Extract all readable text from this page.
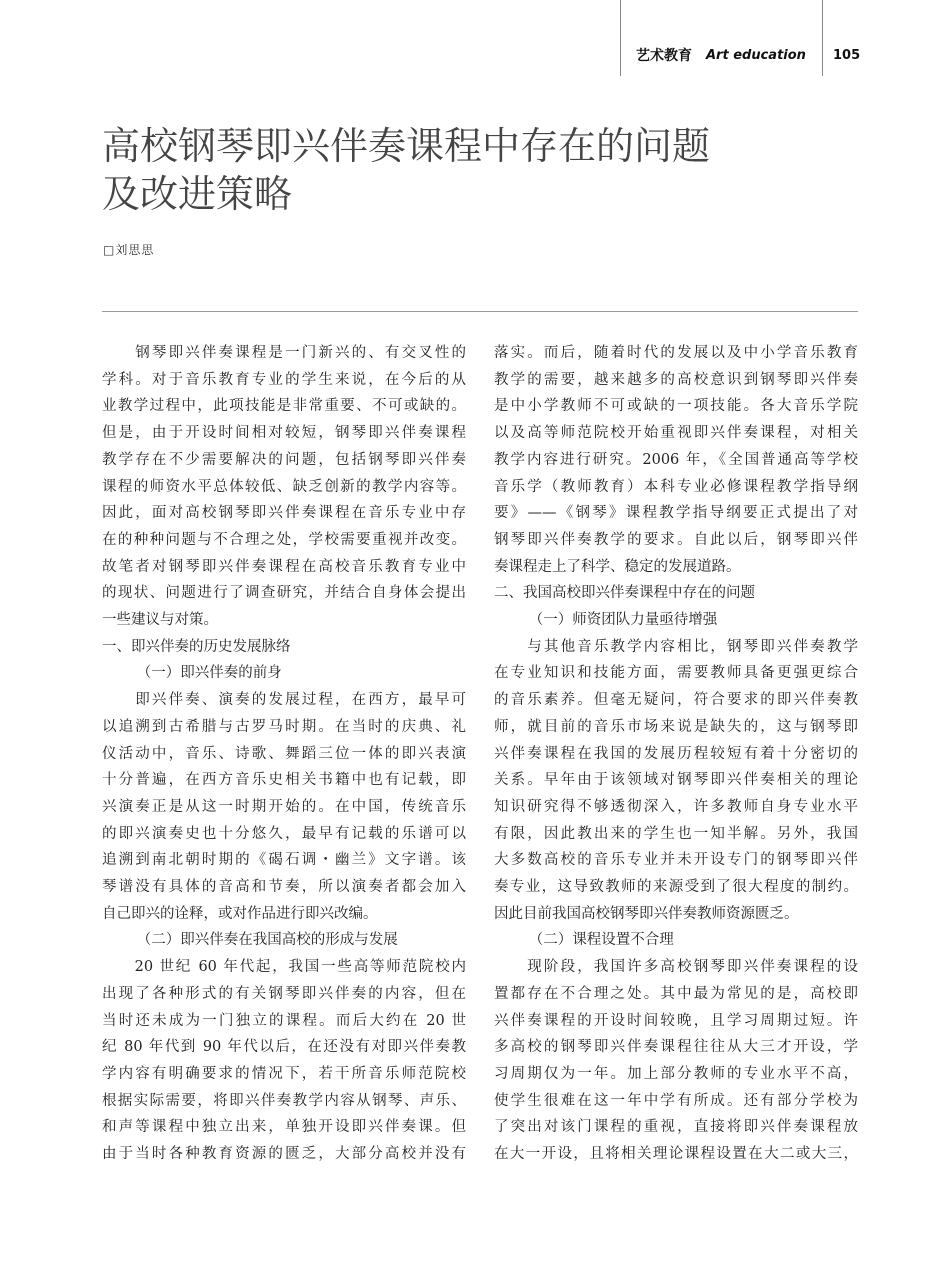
艺术教育 Art education 105
高校钢琴即兴伴奏课程中存在的问题
及改进策略
□刘思思

　　钢琴即兴伴奏课程是一门新兴的、有交叉性的

学科。对于音乐教育专业的学生来说，在今后的从

业教学过程中，此项技能是非常重要、不可或缺的。

但是，由于开设时间相对较短，钢琴即兴伴奏课程

教学存在不少需要解决的问题，包括钢琴即兴伴奏

课程的师资水平总体较低、缺乏创新的教学内容等。

因此，面对高校钢琴即兴伴奏课程在音乐专业中存

在的种种问题与不合理之处，学校需要重视并改变。

故笔者对钢琴即兴伴奏课程在高校音乐教育专业中

的现状、问题进行了调查研究，并结合自身体会提出

一些建议与对策。

一、即兴伴奏的历史发展脉络

（一）即兴伴奏的前身

　　即兴伴奏、演奏的发展过程，在西方，最早可

以追溯到古希腊与古罗马时期。在当时的庆典、礼

仪活动中，音乐、诗歌、舞蹈三位一体的即兴表演

十分普遍，在西方音乐史相关书籍中也有记载，即

兴演奏正是从这一时期开始的。在中国，传统音乐

的即兴演奏史也十分悠久，最早有记载的乐谱可以

追溯到南北朝时期的《碣石调・幽兰》文字谱。该

琴谱没有具体的音高和节奏，所以演奏者都会加入

自己即兴的诠释，或对作品进行即兴改编。

（二）即兴伴奏在我国高校的形成与发展

　　20 世纪 60 年代起，我国一些高等师范院校内

出现了各种形式的有关钢琴即兴伴奏的内容，但在

当时还未成为一门独立的课程。而后大约在 20 世

纪 80 年代到 90 年代以后，在还没有对即兴伴奏教

学内容有明确要求的情况下，若干所音乐师范院校

根据实际需要，将即兴伴奏教学内容从钢琴、声乐、

和声等课程中独立出来，单独开设即兴伴奏课。但

由于当时各种教育资源的匮乏，大部分高校并没有

落实。而后，随着时代的发展以及中小学音乐教育

教学的需要，越来越多的高校意识到钢琴即兴伴奏

是中小学教师不可或缺的一项技能。各大音乐学院

以及高等师范院校开始重视即兴伴奏课程，对相关

教学内容进行研究。2006 年，《全国普通高等学校

音乐学（教师教育）本科专业必修课程教学指导纲

要》——《钢琴》课程教学指导纲要正式提出了对

钢琴即兴伴奏教学的要求。自此以后，钢琴即兴伴

奏课程走上了科学、稳定的发展道路。

二、我国高校即兴伴奏课程中存在的问题

（一）师资团队力量亟待增强

　　与其他音乐教学内容相比，钢琴即兴伴奏教学

在专业知识和技能方面，需要教师具备更强更综合

的音乐素养。但毫无疑问，符合要求的即兴伴奏教

师，就目前的音乐市场来说是缺失的，这与钢琴即

兴伴奏课程在我国的发展历程较短有着十分密切的

关系。早年由于该领域对钢琴即兴伴奏相关的理论

知识研究得不够透彻深入，许多教师自身专业水平

有限，因此教出来的学生也一知半解。另外，我国

大多数高校的音乐专业并未开设专门的钢琴即兴伴

奏专业，这导致教师的来源受到了很大程度的制约。

因此目前我国高校钢琴即兴伴奏教师资源匮乏。

（二）课程设置不合理

　　现阶段，我国许多高校钢琴即兴伴奏课程的设

置都存在不合理之处。其中最为常见的是，高校即

兴伴奏课程的开设时间较晚，且学习周期过短。许

多高校的钢琴即兴伴奏课程往往从大三才开设，学

习周期仅为一年。加上部分教师的专业水平不高，

使学生很难在这一年中学有所成。还有部分学校为

了突出对该门课程的重视，直接将即兴伴奏课程放

在大一开设，且将相关理论课程设置在大二或大三，
